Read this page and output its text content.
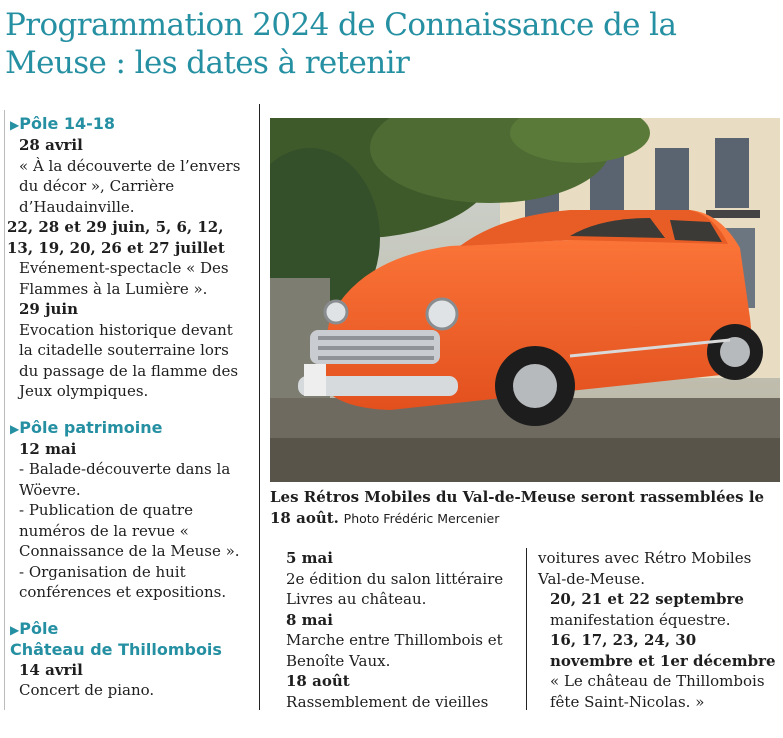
Programmation 2024 de Connaissance de la Meuse : les dates à retenir
▶Pôle 14-18
28 avril
« À la découverte de l’envers du décor », Carrière d’Haudainville.
22, 28 et 29 juin, 5, 6, 12, 13, 19, 20, 26 et 27 juillet
Evénement-spectacle « Des Flammes à la Lumière ».
29 juin
Evocation historique devant la citadelle souterraine lors du passage de la flamme des Jeux olympiques.
▶Pôle patrimoine
12 mai
- Balade-découverte dans la Wöevre.
- Publication de quatre numéros de la revue « Connaissance de la Meuse ».
- Organisation de huit conférences et expositions.
▶Pôle
Château de Thillombois
14 avril
Concert de piano.
Les Rétros Mobiles du Val-de-Meuse seront rassemblées le 18 août. Photo Frédéric Mercenier
5 mai
2e édition du salon littéraire Livres au château.
8 mai
Marche entre Thillombois et Benoîte Vaux.
18 août
Rassemblement de vieilles
voitures avec Rétro Mobiles Val-de-Meuse.
20, 21 et 22 septembre
manifestation équestre.
16, 17, 23, 24, 30 novembre et 1er décembre
« Le château de Thillombois fête Saint-Nicolas. »
